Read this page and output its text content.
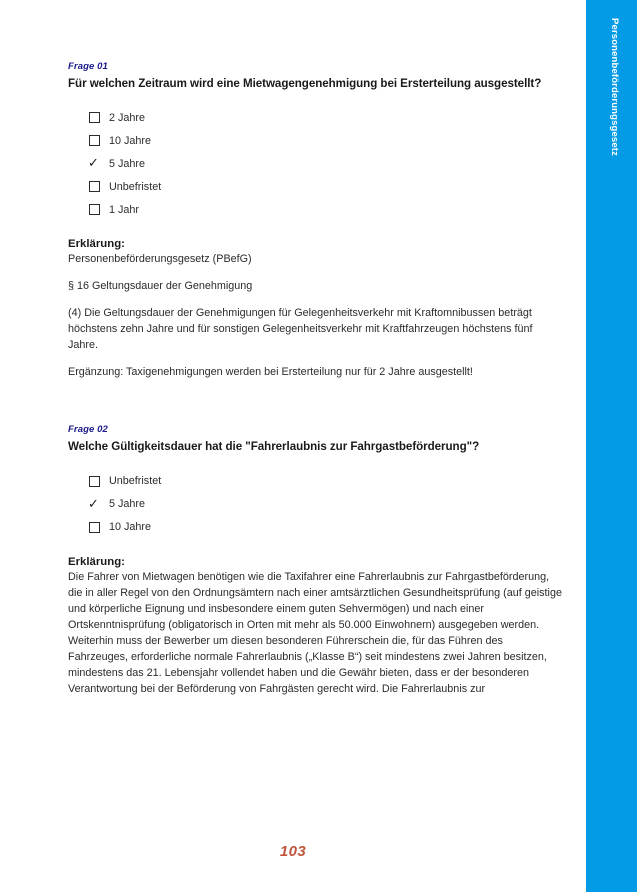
Personenbeförderungsgesetz
Frage 01

Für welchen Zeitraum wird eine Mietwagengenehmigung bei Ersterteilung ausgestellt?

2 Jahre
10 Jahre
✓ 5 Jahre
Unbefristet
1 Jahr
Erklärung:

Personenbeförderungsgesetz (PBefG)

§ 16 Geltungsdauer der Genehmigung

(4) Die Geltungsdauer der Genehmigungen für Gelegenheitsverkehr mit Kraftomnibussen beträgt höchstens zehn Jahre und für sonstigen Gelegenheitsverkehr mit Kraftfahrzeugen höchstens fünf Jahre.

Ergänzung: Taxigenehmigungen werden bei Ersterteilung nur für 2 Jahre ausgestellt!

Frage 02

Welche Gültigkeitsdauer hat die "Fahrerlaubnis zur Fahrgastbeförderung"?

Unbefristet
✓ 5 Jahre
10 Jahre
Erklärung:

Die Fahrer von Mietwagen benötigen wie die Taxifahrer eine Fahrerlaubnis zur Fahrgastbeförderung, die in aller Regel von den Ordnungsämtern nach einer amtsärztlichen Gesundheitsprüfung (auf geistige und körperliche Eignung und insbesondere einem guten Sehvermögen) und nach einer Ortskenntnisprüfung (obligatorisch in Orten mit mehr als 50.000 Einwohnern) ausgegeben werden. Weiterhin muss der Bewerber um diesen besonderen Führerschein die, für das Führen des Fahrzeuges, erforderliche normale Fahrerlaubnis („Klasse B“) seit mindestens zwei Jahren besitzen, mindestens das 21. Lebensjahr vollendet haben und die Gewähr bieten, dass er der besonderen Verantwortung bei der Beförderung von Fahrgästen gerecht wird. Die Fahrerlaubnis zur

103
